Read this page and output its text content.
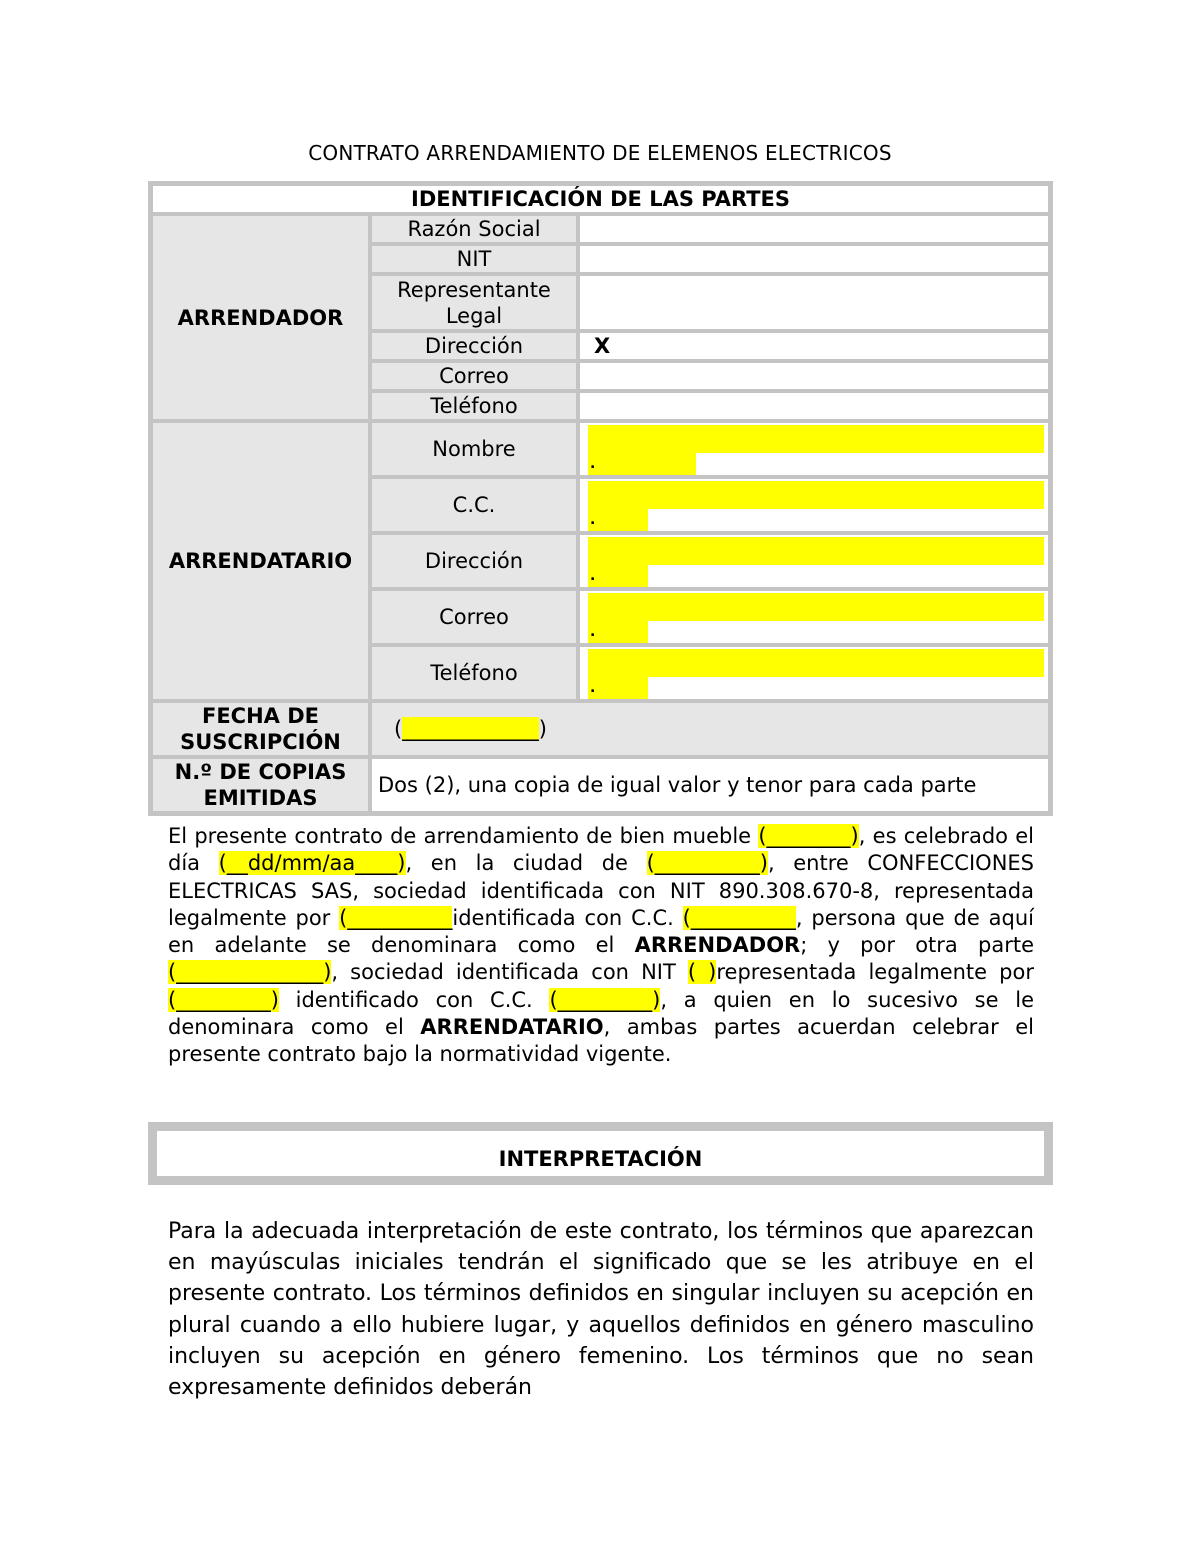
CONTRATO ARRENDAMIENTO DE ELEMENOS ELECTRICOS
IDENTIFICACIÓN DE LAS PARTES		
ARRENDADOR	Razón Social	
	NIT	
	Representante Legal	
	Dirección	X
	Correo	
	Teléfono	
ARRENDATARIO	Nombre	.

	C.C.	.

	Dirección	.

	Correo	.

	Teléfono	.

FECHA DE SUSCRIPCIÓN	(_____________)	
N.º DE COPIAS EMITIDAS	Dos (2), una copia de igual valor y tenor para cada parte	
El presente contrato de arrendamiento de bien mueble (________), es celebrado el día (__dd/mm/aa____), en la ciudad de (__________), entre CONFECCIONES ELECTRICAS SAS, sociedad identificada con NIT 890.308.670-8, representada legalmente por (__________identificada con C.C. (__________, persona que de aquí en adelante se denominara como el ARRENDADOR; y por otra parte (______________), sociedad identificada con NIT ( )representada legalmente por (_________) identificado con C.C. (_________), a quien en lo sucesivo se le denominara como el ARRENDATARIO, ambas partes acuerdan celebrar el presente contrato bajo la normatividad vigente.
INTERPRETACIÓN
Para la adecuada interpretación de este contrato, los términos que aparezcan en mayúsculas iniciales tendrán el significado que se les atribuye en el presente contrato. Los términos definidos en singular incluyen su acepción en plural cuando a ello hubiere lugar, y aquellos definidos en género masculino incluyen su acepción en género femenino. Los términos que no sean expresamente definidos deberán
